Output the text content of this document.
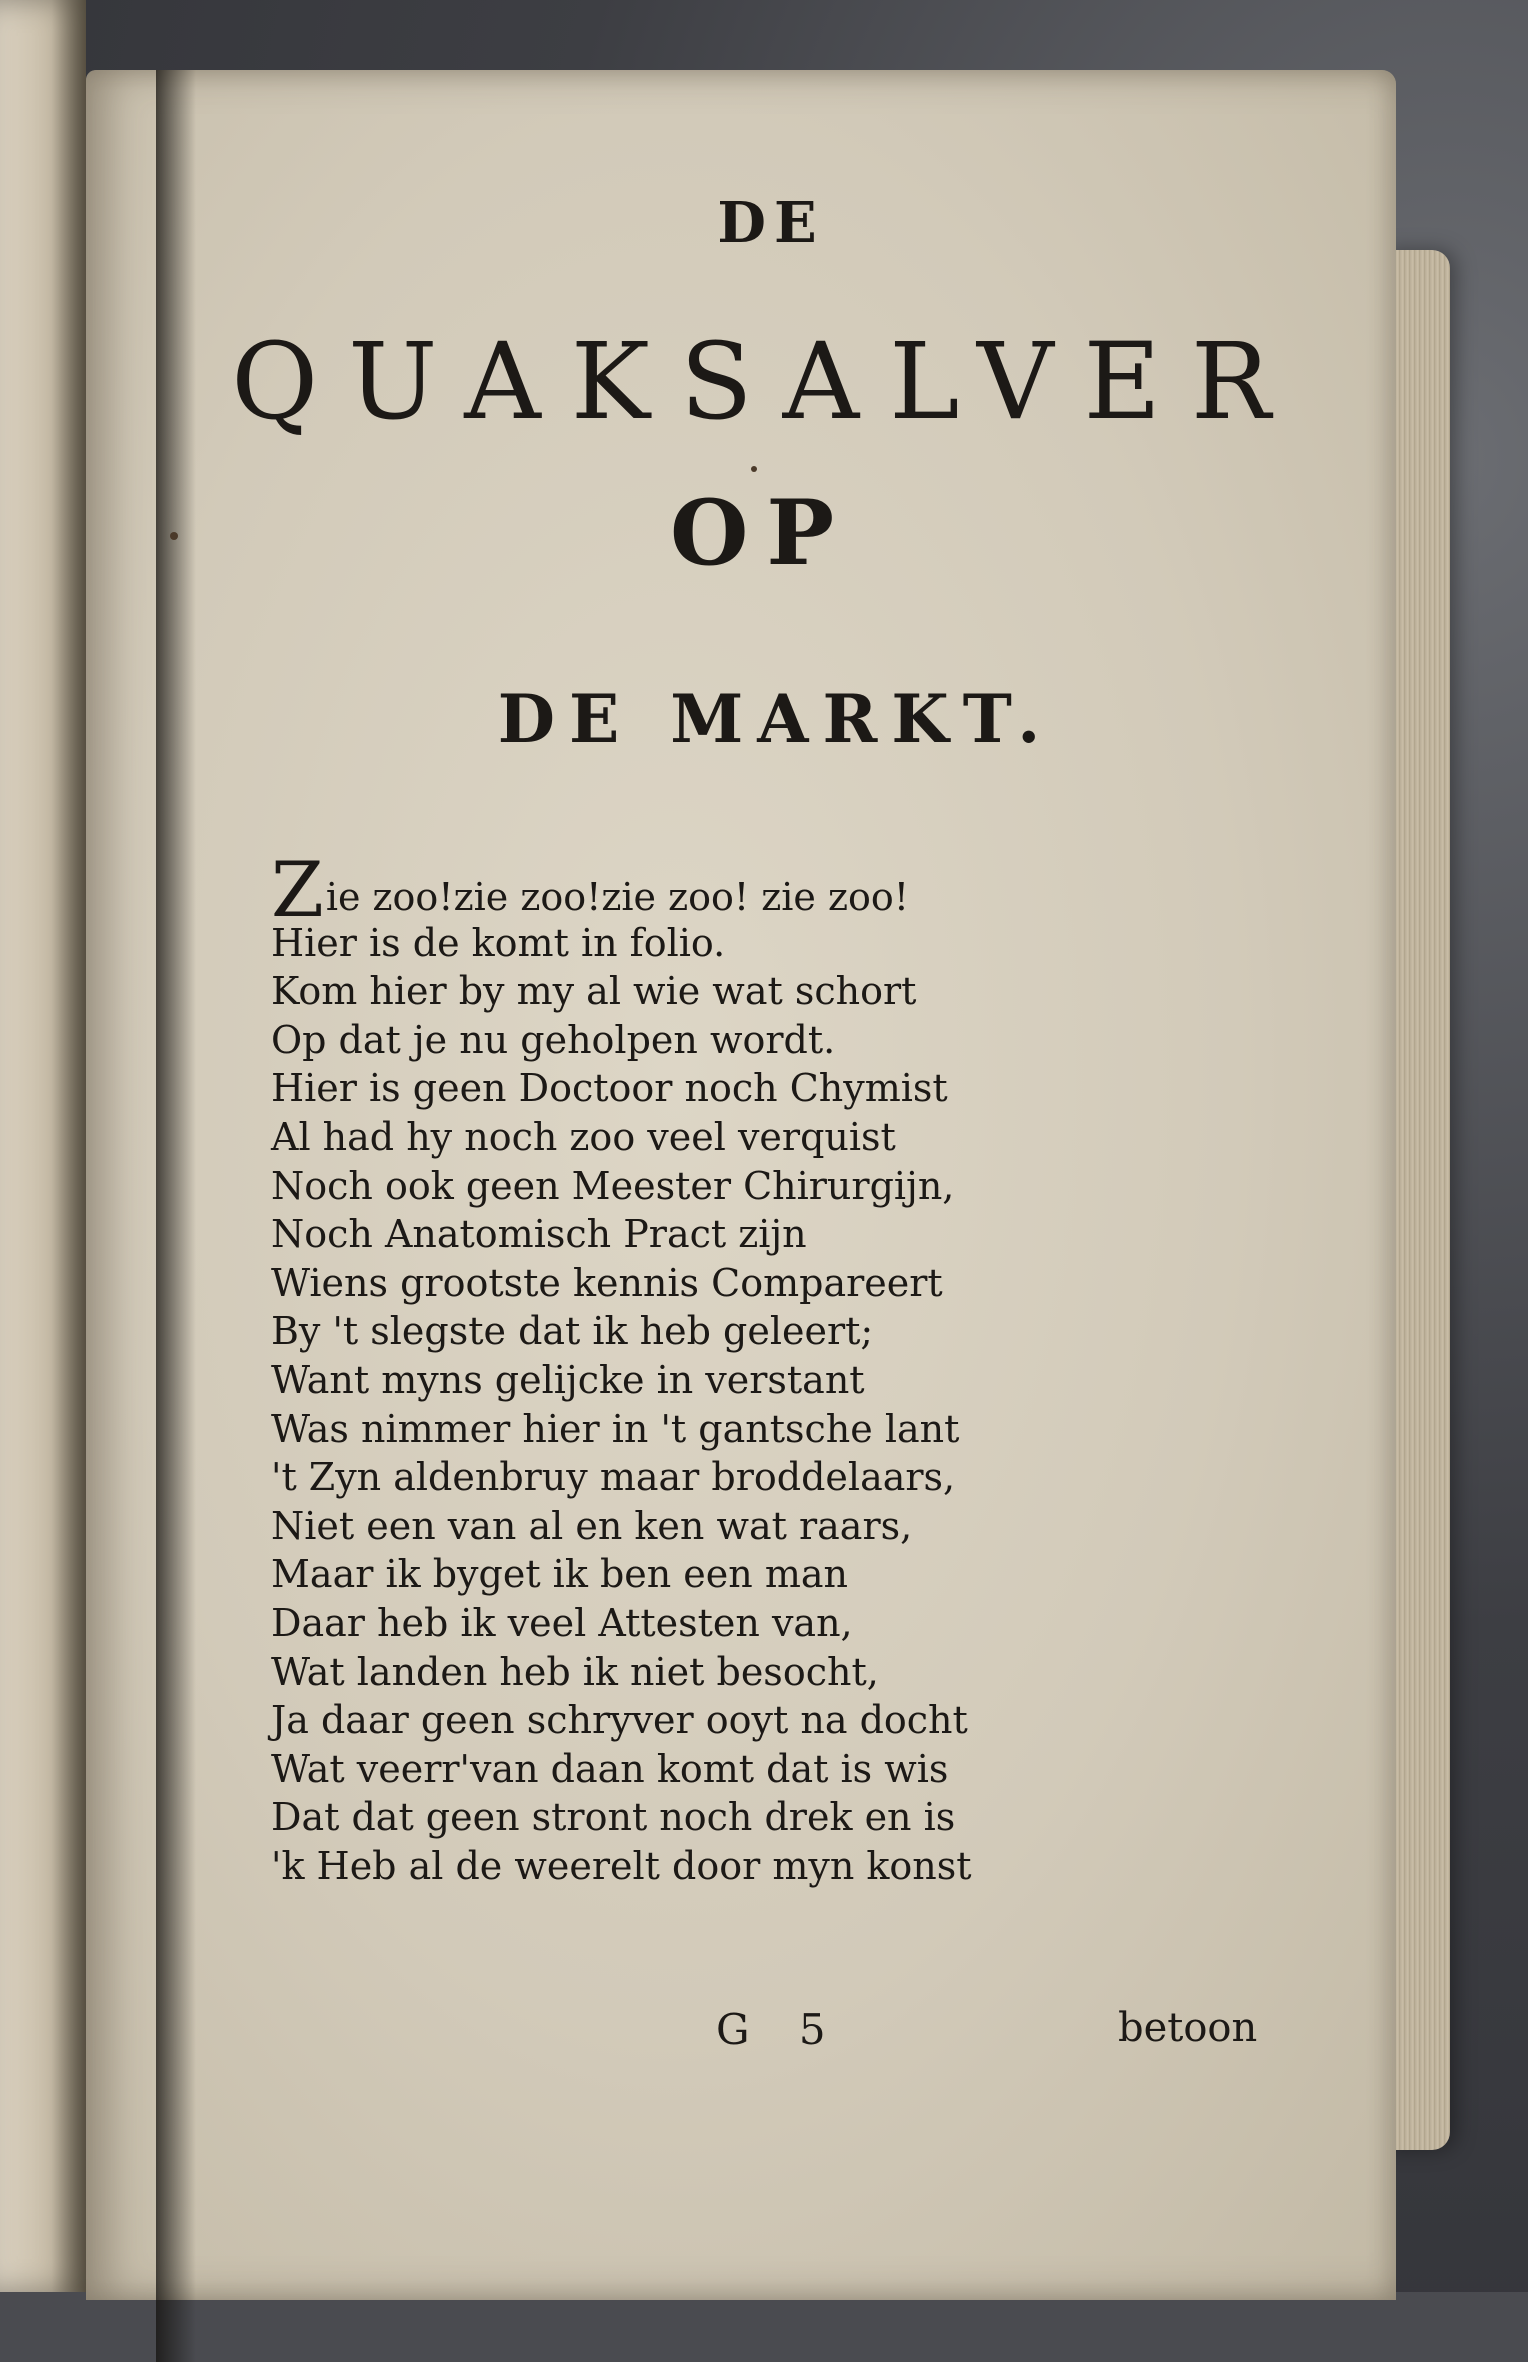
DE
QUAKSALVER
OP
DE MARKT.
Zie zoo!zie zoo!zie zoo! zie zoo!
Hier is de komt in folio.
Kom hier by my al wie wat schort
Op dat je nu geholpen wordt.
Hier is geen Doctoor noch Chymist
Al had hy noch zoo veel verquist
Noch ook geen Meester Chirurgijn,
Noch Anatomisch Pract zijn
Wiens grootste kennis Compareert
By 't slegste dat ik heb geleert;
Want myns gelijcke in verstant
Was nimmer hier in 't gantsche lant
't Zyn aldenbruy maar broddelaars,
Niet een van al en ken wat raars,
Maar ik byget ik ben een man
Daar heb ik veel Attesten van,
Wat landen heb ik niet besocht,
Ja daar geen schryver ooyt na docht
Wat veerr'van daan komt dat is wis
Dat dat geen stront noch drek en is
'k Heb al de weerelt door myn konst
G 5	betoon
